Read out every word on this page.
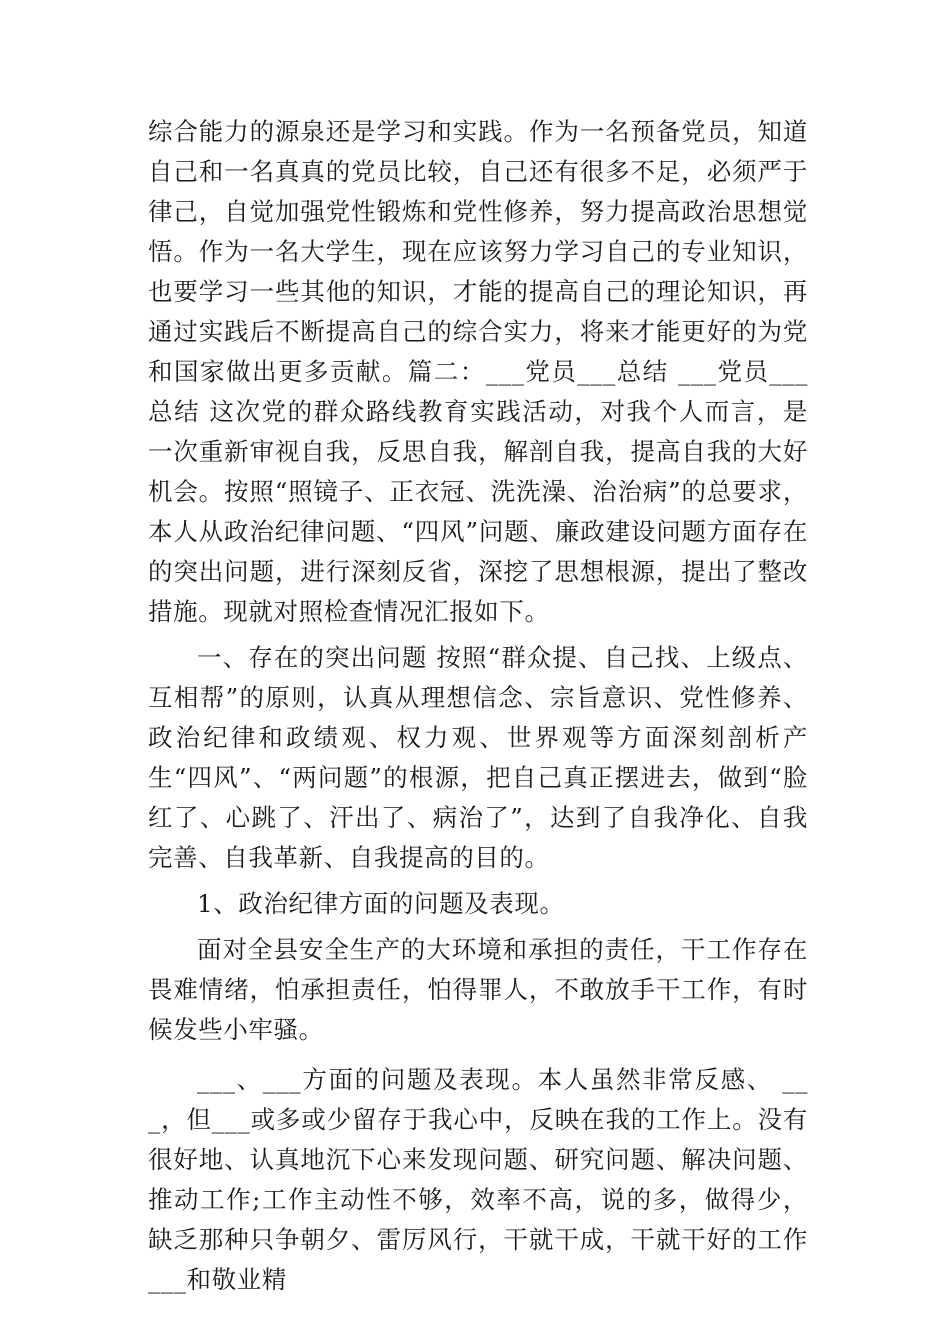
综合能力的源泉还是学习和实践。作为一名预备党员，知道自己和一名真真的党员比较，自己还有很多不足，必须严于律己，自觉加强党性锻炼和党性修养，努力提高政治思想觉悟。作为一名大学生，现在应该努力学习自己的专业知识，也要学习一些其他的知识，才能的提高自己的理论知识，再通过实践后不断提高自己的综合实力，将来才能更好的为党和国家做出更多贡献。篇二：___党员___总结 ___党员___总结 这次党的群众路线教育实践活动，对我个人而言，是一次重新审视自我，反思自我，解剖自我，提高自我的大好机会。按照“照镜子、正衣冠、洗洗澡、治治病”的总要求，本人从政治纪律问题、“四风”问题、廉政建设问题方面存在的突出问题，进行深刻反省，深挖了思想根源，提出了整改措施。现就对照检查情况汇报如下。

一、存在的突出问题 按照“群众提、自己找、上级点、互相帮”的原则，认真从理想信念、宗旨意识、党性修养、政治纪律和政绩观、权力观、世界观等方面深刻剖析产生“四风”、“两问题”的根源，把自己真正摆进去，做到“脸红了、心跳了、汗出了、病治了”，达到了自我净化、自我完善、自我革新、自我提高的目的。

1、政治纪律方面的问题及表现。

面对全县安全生产的大环境和承担的责任，干工作存在畏难情绪，怕承担责任，怕得罪人，不敢放手干工作，有时候发些小牢骚。

___、___方面的问题及表现。本人虽然非常反感、 ___，但___或多或少留存于我心中，反映在我的工作上。没有很好地、认真地沉下心来发现问题、研究问题、解决问题、推动工作;工作主动性不够，效率不高，说的多，做得少，缺乏那种只争朝夕、雷厉风行，干就干成，干就干好的工作___和敬业精
